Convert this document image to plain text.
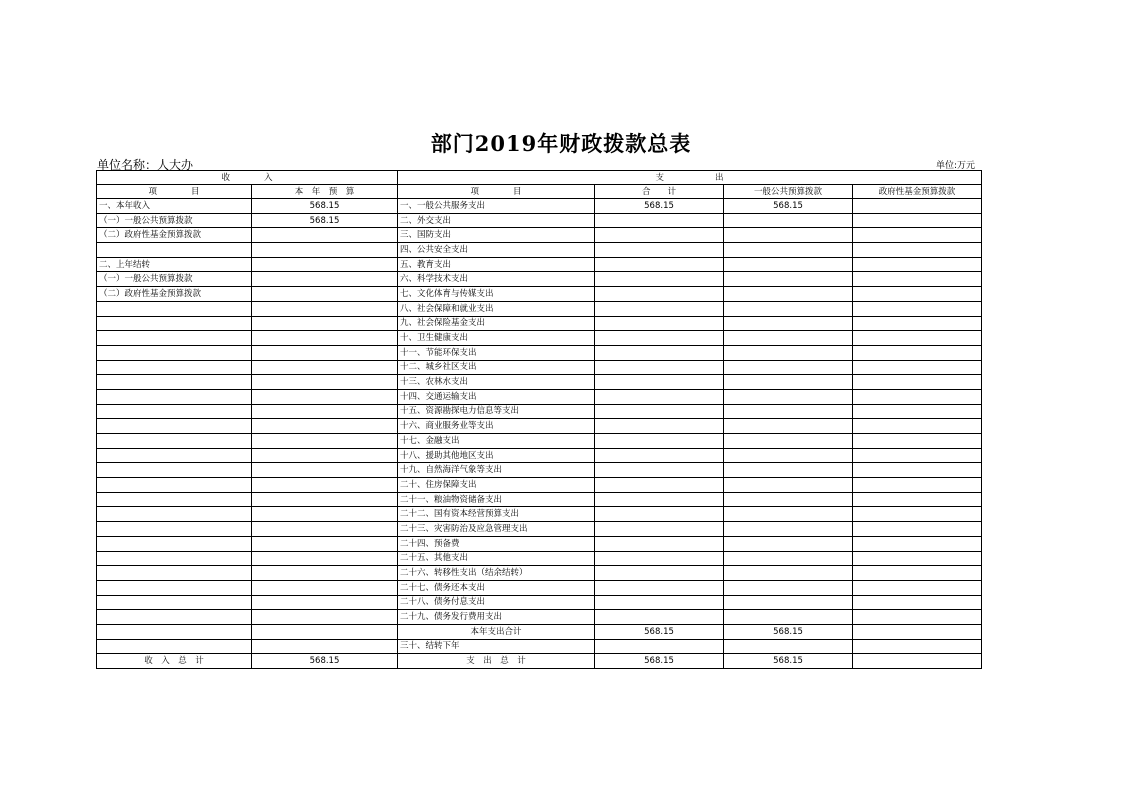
部门2019年财政拨款总表
单位名称：人大办	单位:万元
收　　　　入		支　　　　　　出			
项　　　　目	本　年　预　算	项　　　　目	合　　计	一般公共预算拨款	政府性基金预算拨款
一、本年收入	568.15	一、一般公共服务支出	568.15	568.15	
（一）一般公共预算拨款	568.15	二、外交支出			
（二）政府性基金预算拨款		三、国防支出			
		四、公共安全支出			
二、上年结转		五、教育支出			
（一）一般公共预算拨款		六、科学技术支出			
（二）政府性基金预算拨款		七、文化体育与传媒支出			
		八、社会保障和就业支出			
		九、社会保险基金支出			
		十、卫生健康支出			
		十一、节能环保支出			
		十二、城乡社区支出			
		十三、农林水支出			
		十四、交通运输支出			
		十五、资源勘探电力信息等支出			
		十六、商业服务业等支出			
		十七、金融支出			
		十八、援助其他地区支出			
		十九、自然海洋气象等支出			
		二十、住房保障支出			
		二十一、粮油物资储备支出			
		二十二、国有资本经营预算支出			
		二十三、灾害防治及应急管理支出			
		二十四、预备费			
		二十五、其他支出			
		二十六、转移性支出（结余结转）			
		二十七、债务还本支出			
		二十八、债务付息支出			
		二十九、债务发行费用支出			
		本年支出合计	568.15	568.15	
		三十、结转下年			
收　入　总　计	568.15	支　出　总　计	568.15	568.15	
